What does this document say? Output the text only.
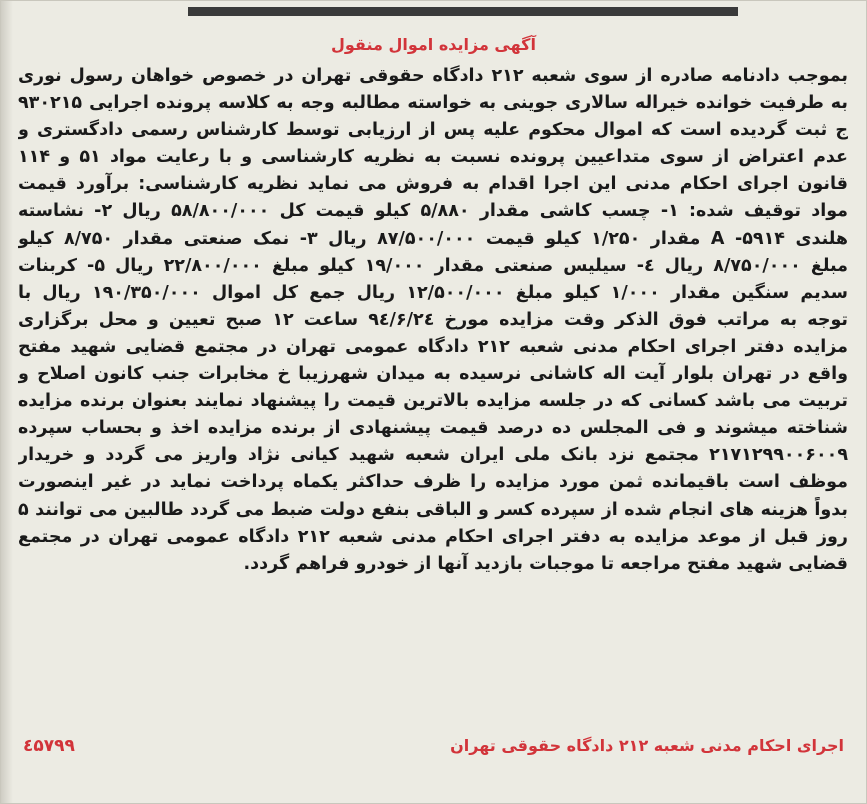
آگهی مزایده اموال منقول
بموجب دادنامه صادره از سوی شعبه ۲۱۲ دادگاه حقوقی تهران در خصوص خواهان رسول نوری
به طرفیت خوانده خیراله سالاری جوینی به خواسته مطالبه وجه به کلاسه پرونده اجرایی ۹۳۰۲۱۵
ج ثبت گردیده است که اموال محکوم علیه پس از ارزیابی توسط کارشناس رسمی دادگستری و
عدم اعتراض از سوی متداعیین پرونده نسبت به نظریه کارشناسی و با رعایت مواد ۵۱ و ۱۱۴
قانون اجرای احکام مدنی این اجرا اقدام به فروش می نماید نظریه کارشناسی: برآورد قیمت
مواد توقیف شده: ۱- چسب کاشی مقدار ۵/۸۸۰ کیلو قیمت کل ۵۸/۸۰۰/۰۰۰ ریال ۲- نشاسته
هلندی A -۵۹۱۴ مقدار ۱/۲۵۰ کیلو قیمت ۸۷/۵۰۰/۰۰۰ ریال ۳- نمک صنعتی مقدار ۸/۷۵۰ کیلو
مبلغ ۸/۷۵۰/۰۰۰ ریال ٤- سیلیس صنعتی مقدار ۱۹/۰۰۰ کیلو مبلغ ۲۲/۸۰۰/۰۰۰ ریال ۵- کربنات
سدیم سنگین مقدار ۱/۰۰۰ کیلو مبلغ ۱۲/۵۰۰/۰۰۰ ریال جمع کل اموال ۱۹۰/۳۵۰/۰۰۰ ریال با
توجه به مراتب فوق الذکر وقت مزایده مورخ ۹٤/۶/۲٤ ساعت ۱۲ صبح تعیین و محل برگزاری
مزایده دفتر اجرای احکام مدنی شعبه ۲۱۲ دادگاه عمومی تهران در مجتمع قضایی شهید مفتح
واقع در تهران بلوار آیت اله کاشانی نرسیده به میدان شهرزیبا خ مخابرات جنب کانون اصلاح و
تربیت می باشد کسانی که در جلسه مزایده بالاترین قیمت را پیشنهاد نمایند بعنوان برنده مزایده
شناخته میشوند و فی المجلس ده درصد قیمت پیشنهادی از برنده مزایده اخذ و بحساب سپرده
۲۱۷۱۲۹۹۰۰۶۰۰۹ مجتمع نزد بانک ملی ایران شعبه شهید کیانی نژاد واریز می گردد و خریدار
موظف است باقیمانده ثمن مورد مزایده را ظرف حداکثر یکماه پرداخت نماید در غیر اینصورت
بدواً هزینه های انجام شده از سپرده کسر و الباقی بنفع دولت ضبط می گردد طالبین می توانند ۵
روز قبل از موعد مزایده به دفتر اجرای احکام مدنی شعبه ۲۱۲ دادگاه عمومی تهران در مجتمع
قضایی شهید مفتح مراجعه تا موجبات بازدید آنها از خودرو فراهم گردد.
اجرای احکام مدنی شعبه ۲۱۲ دادگاه حقوقی تهران
٤۵۷۹۹
